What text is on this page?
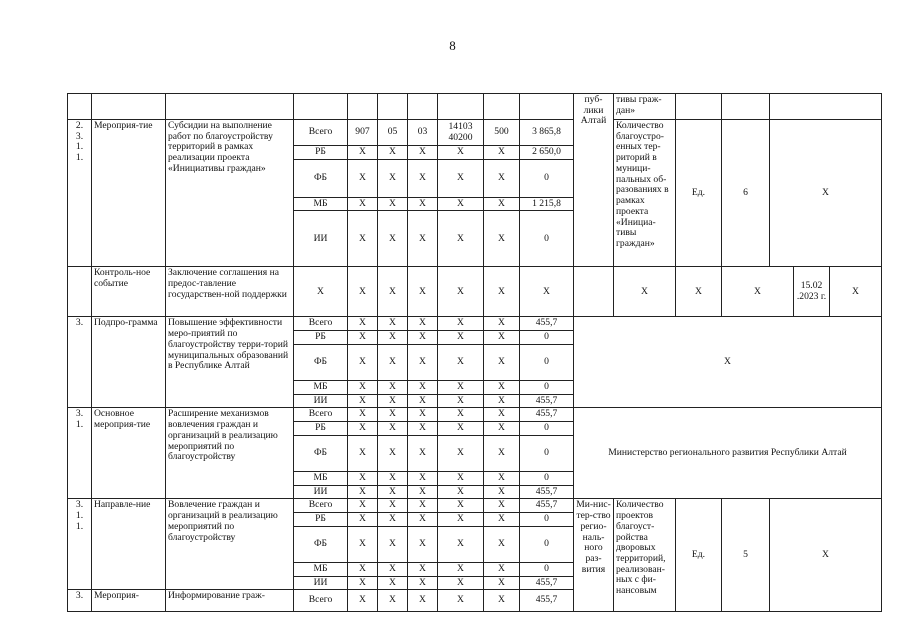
8
										пуб-лики Алтай	тивы граж-дан»					

2.
3.
1.
1.	Мероприя-тие	Субсидии на выполнение работ по благоустройству территорий в рамках реализации проекта «Инициативы граждан»	Всего	907	05	03	14103 40200	500	3 865,8		Количество благоустро-енных тер-риторий в муници-пальных об-разованиях в рамках проекта «Инициа-тивы граждан»	Ед.	6	Х		
			РБ	Х	Х	Х	Х	Х	2 650,0							
			ФБ	Х	Х	Х	Х	Х	0							
			МБ	Х	Х	Х	Х	Х	1 215,8							
			ИИ	Х	Х	Х	Х	Х	0							
	Контроль-ное событие	Заключение соглашения на предос-тавление государствен-ной поддержки	Х	Х	Х	Х	Х	Х	Х		Х	Х	Х		15.02 .2023 г.	Х
3.	Подпро-грамма	Повышение эффективности меро-приятий по благоустройству терри-торий муниципальных образований в Республике Алтай	Всего	Х	Х	Х	Х	Х	455,7	Х						
			РБ	Х	Х	Х	Х	Х	0							
			ФБ	Х	Х	Х	Х	Х	0							
			МБ	Х	Х	Х	Х	Х	0							
			ИИ	Х	Х	Х	Х	Х	455,7							

3.
1.	Основное мероприя-тие	Расширение механизмов вовлечения граждан и организаций в реализацию мероприятий по благоустройству	Всего	Х	Х	Х	Х	Х	455,7	Министерство регионального развития Республики Алтай						
			РБ	Х	Х	Х	Х	Х	0							
			ФБ	Х	Х	Х	Х	Х	0							
			МБ	Х	Х	Х	Х	Х	0							
			ИИ	Х	Х	Х	Х	Х	455,7							

3.
1.
1.	Направле-ние	Вовлечение граждан и организаций в реализацию мероприятий по благоустройству	Всего	Х	Х	Х	Х	Х	455,7	Ми-нис-тер-ство регио-наль-ного раз-вития	Количество проектов благоуст-ройства дворовых территорий, реализован-ных с фи-нансовым	Ед.	5	Х		
			РБ	Х	Х	Х	Х	Х	0							
			ФБ	Х	Х	Х	Х	Х	0							
			МБ	Х	Х	Х	Х	Х	0							
			ИИ	Х	Х	Х	Х	Х	455,7							
3.	Мероприя-	Информирование граж-	Всего	Х	Х	Х	Х	Х	455,7							
